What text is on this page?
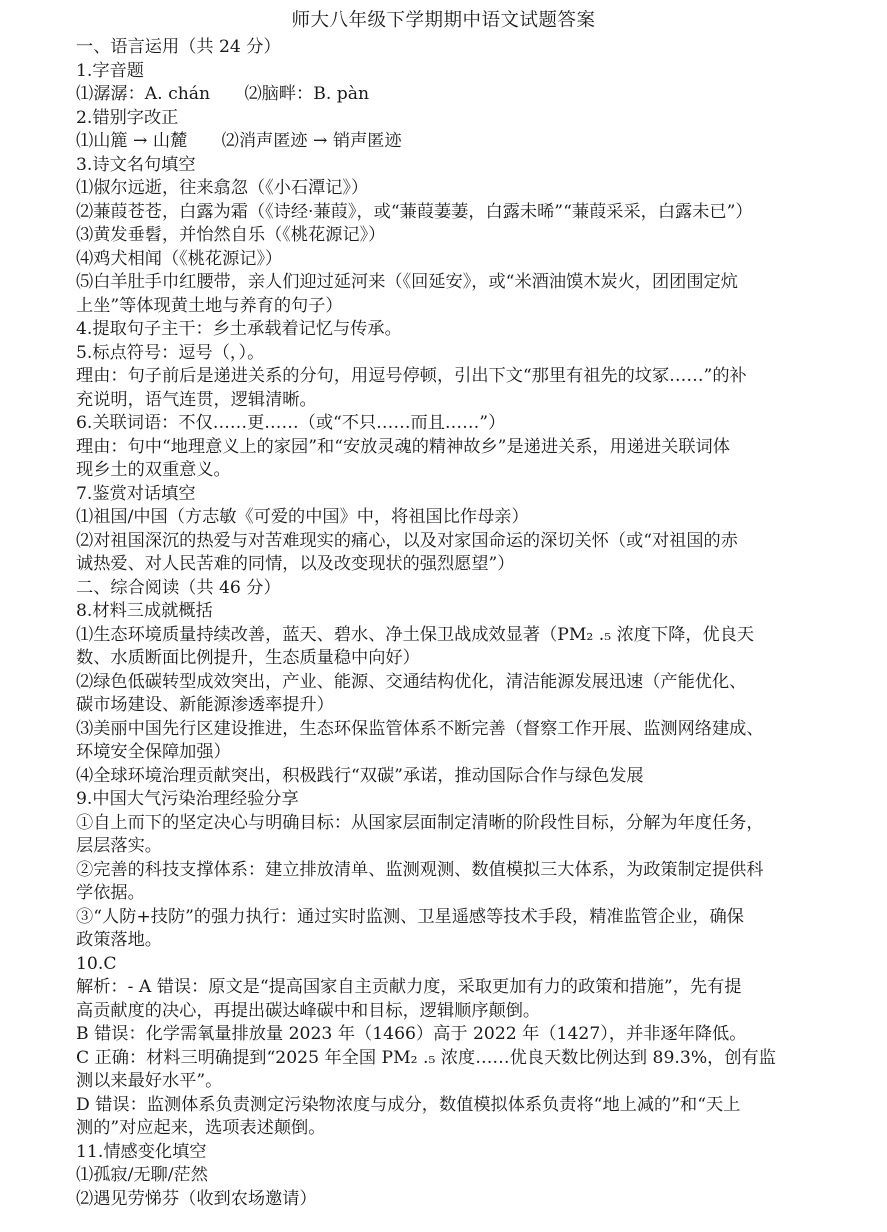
师大八年级下学期期中语文试题答案
一、语言运用（共 24 分）
1.字音题
⑴潺潺：A. chán　　⑵脑畔：B. pàn
2.错别字改正
⑴山簏 → 山麓　　⑵消声匿迹 → 销声匿迹
3.诗文名句填空
⑴俶尔远逝，往来翕忽（《小石潭记》）
⑵蒹葭苍苍，白露为霜（《诗经·蒹葭》，或“蒹葭萋萋，白露未晞”“蒹葭采采，白露未已”）
⑶黄发垂髫，并怡然自乐（《桃花源记》）
⑷鸡犬相闻（《桃花源记》）
⑸白羊肚手巾红腰带，亲人们迎过延河来（《回延安》，或“米酒油馍木炭火，团团围定炕
上坐”等体现黄土地与养育的句子）
4.提取句子主干：乡土承载着记忆与传承。
5.标点符号：逗号（，）。
理由：句子前后是递进关系的分句，用逗号停顿，引出下文“那里有祖先的坟冢……”的补
充说明，语气连贯，逻辑清晰。
6.关联词语：不仅……更……（或“不只……而且……”）
理由：句中“地理意义上的家园”和“安放灵魂的精神故乡”是递进关系，用递进关联词体
现乡土的双重意义。
7.鉴赏对话填空
⑴祖国/中国（方志敏《可爱的中国》中，将祖国比作母亲）
⑵对祖国深沉的热爱与对苦难现实的痛心，以及对家国命运的深切关怀（或“对祖国的赤
诚热爱、对人民苦难的同情，以及改变现状的强烈愿望”）
二、综合阅读（共 46 分）
8.材料三成就概括
⑴生态环境质量持续改善，蓝天、碧水、净土保卫战成效显著（PM₂ .₅ 浓度下降，优良天
数、水质断面比例提升，生态质量稳中向好）
⑵绿色低碳转型成效突出，产业、能源、交通结构优化，清洁能源发展迅速（产能优化、
碳市场建设、新能源渗透率提升）
⑶美丽中国先行区建设推进，生态环保监管体系不断完善（督察工作开展、监测网络建成、
环境安全保障加强）
⑷全球环境治理贡献突出，积极践行“双碳”承诺，推动国际合作与绿色发展
9.中国大气污染治理经验分享
①自上而下的坚定决心与明确目标：从国家层面制定清晰的阶段性目标，分解为年度任务，
层层落实。
②完善的科技支撑体系：建立排放清单、监测观测、数值模拟三大体系，为政策制定提供科
学依据。
③“人防+技防”的强力执行：通过实时监测、卫星遥感等技术手段，精准监管企业，确保
政策落地。
10.C
解析：- A 错误：原文是“提高国家自主贡献力度，采取更加有力的政策和措施”，先有提
高贡献度的决心，再提出碳达峰碳中和目标，逻辑顺序颠倒。
B 错误：化学需氧量排放量 2023 年（1466）高于 2022 年（1427），并非逐年降低。
C 正确：材料三明确提到“2025 年全国 PM₂ .₅ 浓度……优良天数比例达到 89.3%，创有监
测以来最好水平”。
D 错误：监测体系负责测定污染物浓度与成分，数值模拟体系负责将“地上减的”和“天上
测的”对应起来，选项表述颠倒。
11.情感变化填空
⑴孤寂/无聊/茫然
⑵遇见劳悌芬（收到农场邀请）
